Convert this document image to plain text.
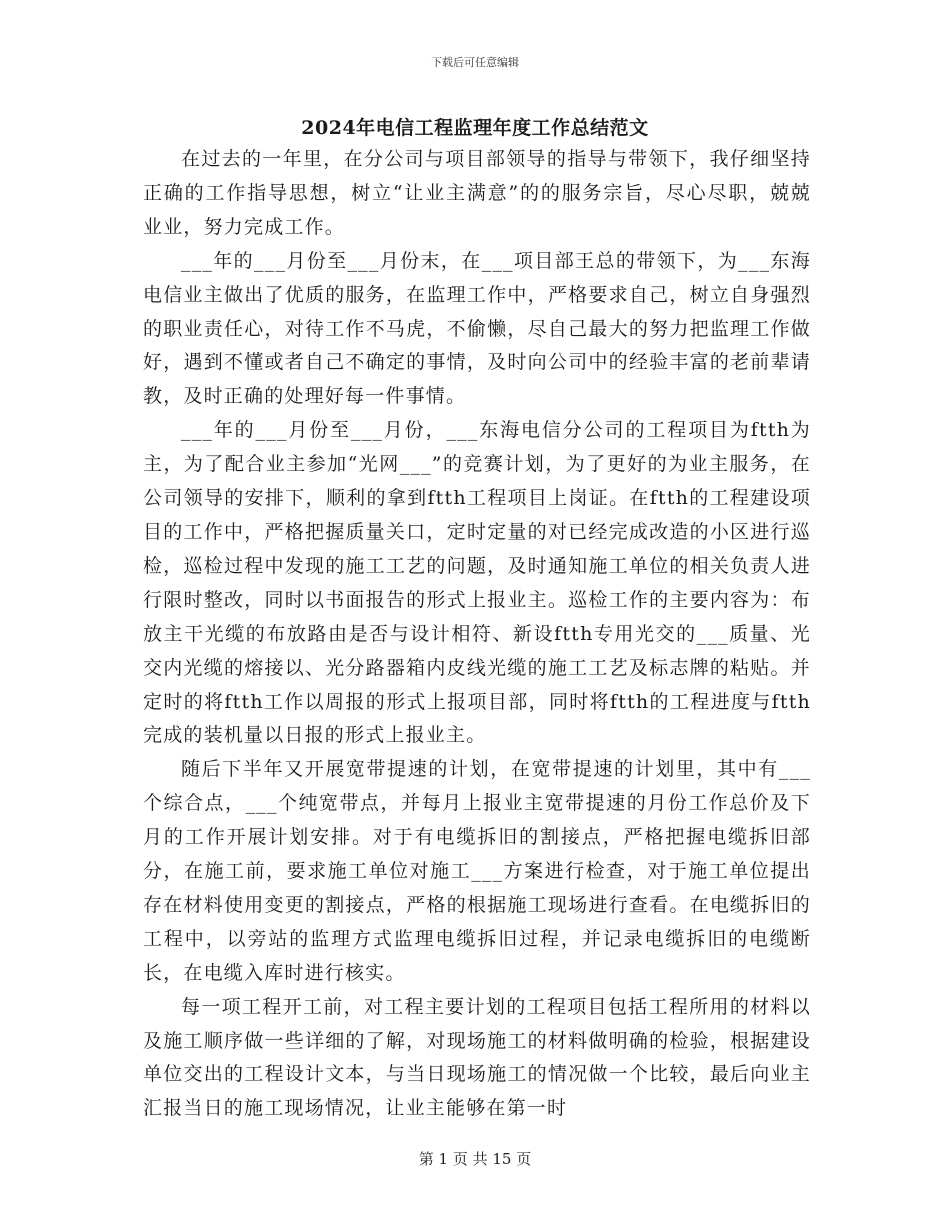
下载后可任意编辑
2024年电信工程监理年度工作总结范文

在过去的一年里，在分公司与项目部领导的指导与带领下，我仔细坚持正确的工作指导思想，树立“让业主满意”的的服务宗旨，尽心尽职，兢兢业业，努力完成工作。

___年的___月份至___月份末，在___项目部王总的带领下，为___东海电信业主做出了优质的服务，在监理工作中，严格要求自己，树立自身强烈的职业责任心，对待工作不马虎，不偷懒，尽自己最大的努力把监理工作做好，遇到不懂或者自己不确定的事情，及时向公司中的经验丰富的老前辈请教，及时正确的处理好每一件事情。

___年的___月份至___月份，___东海电信分公司的工程项目为ftth为主，为了配合业主参加“光网___”的竞赛计划，为了更好的为业主服务，在公司领导的安排下，顺利的拿到ftth工程项目上岗证。在ftth的工程建设项目的工作中，严格把握质量关口，定时定量的对已经完成改造的小区进行巡检，巡检过程中发现的施工工艺的问题，及时通知施工单位的相关负责人进行限时整改，同时以书面报告的形式上报业主。巡检工作的主要内容为：布放主干光缆的布放路由是否与设计相符、新设ftth专用光交的___质量、光交内光缆的熔接以、光分路器箱内皮线光缆的施工工艺及标志牌的粘贴。并定时的将ftth工作以周报的形式上报项目部，同时将ftth的工程进度与ftth完成的装机量以日报的形式上报业主。

随后下半年又开展宽带提速的计划，在宽带提速的计划里，其中有___个综合点，___个纯宽带点，并每月上报业主宽带提速的月份工作总价及下月的工作开展计划安排。对于有电缆拆旧的割接点，严格把握电缆拆旧部分，在施工前，要求施工单位对施工___方案进行检查，对于施工单位提出存在材料使用变更的割接点，严格的根据施工现场进行查看。在电缆拆旧的工程中，以旁站的监理方式监理电缆拆旧过程，并记录电缆拆旧的电缆断长，在电缆入库时进行核实。

每一项工程开工前，对工程主要计划的工程项目包括工程所用的材料以及施工顺序做一些详细的了解，对现场施工的材料做明确的检验，根据建设单位交出的工程设计文本，与当日现场施工的情况做一个比较，最后向业主汇报当日的施工现场情况，让业主能够在第一时

第 1 页 共 15 页
